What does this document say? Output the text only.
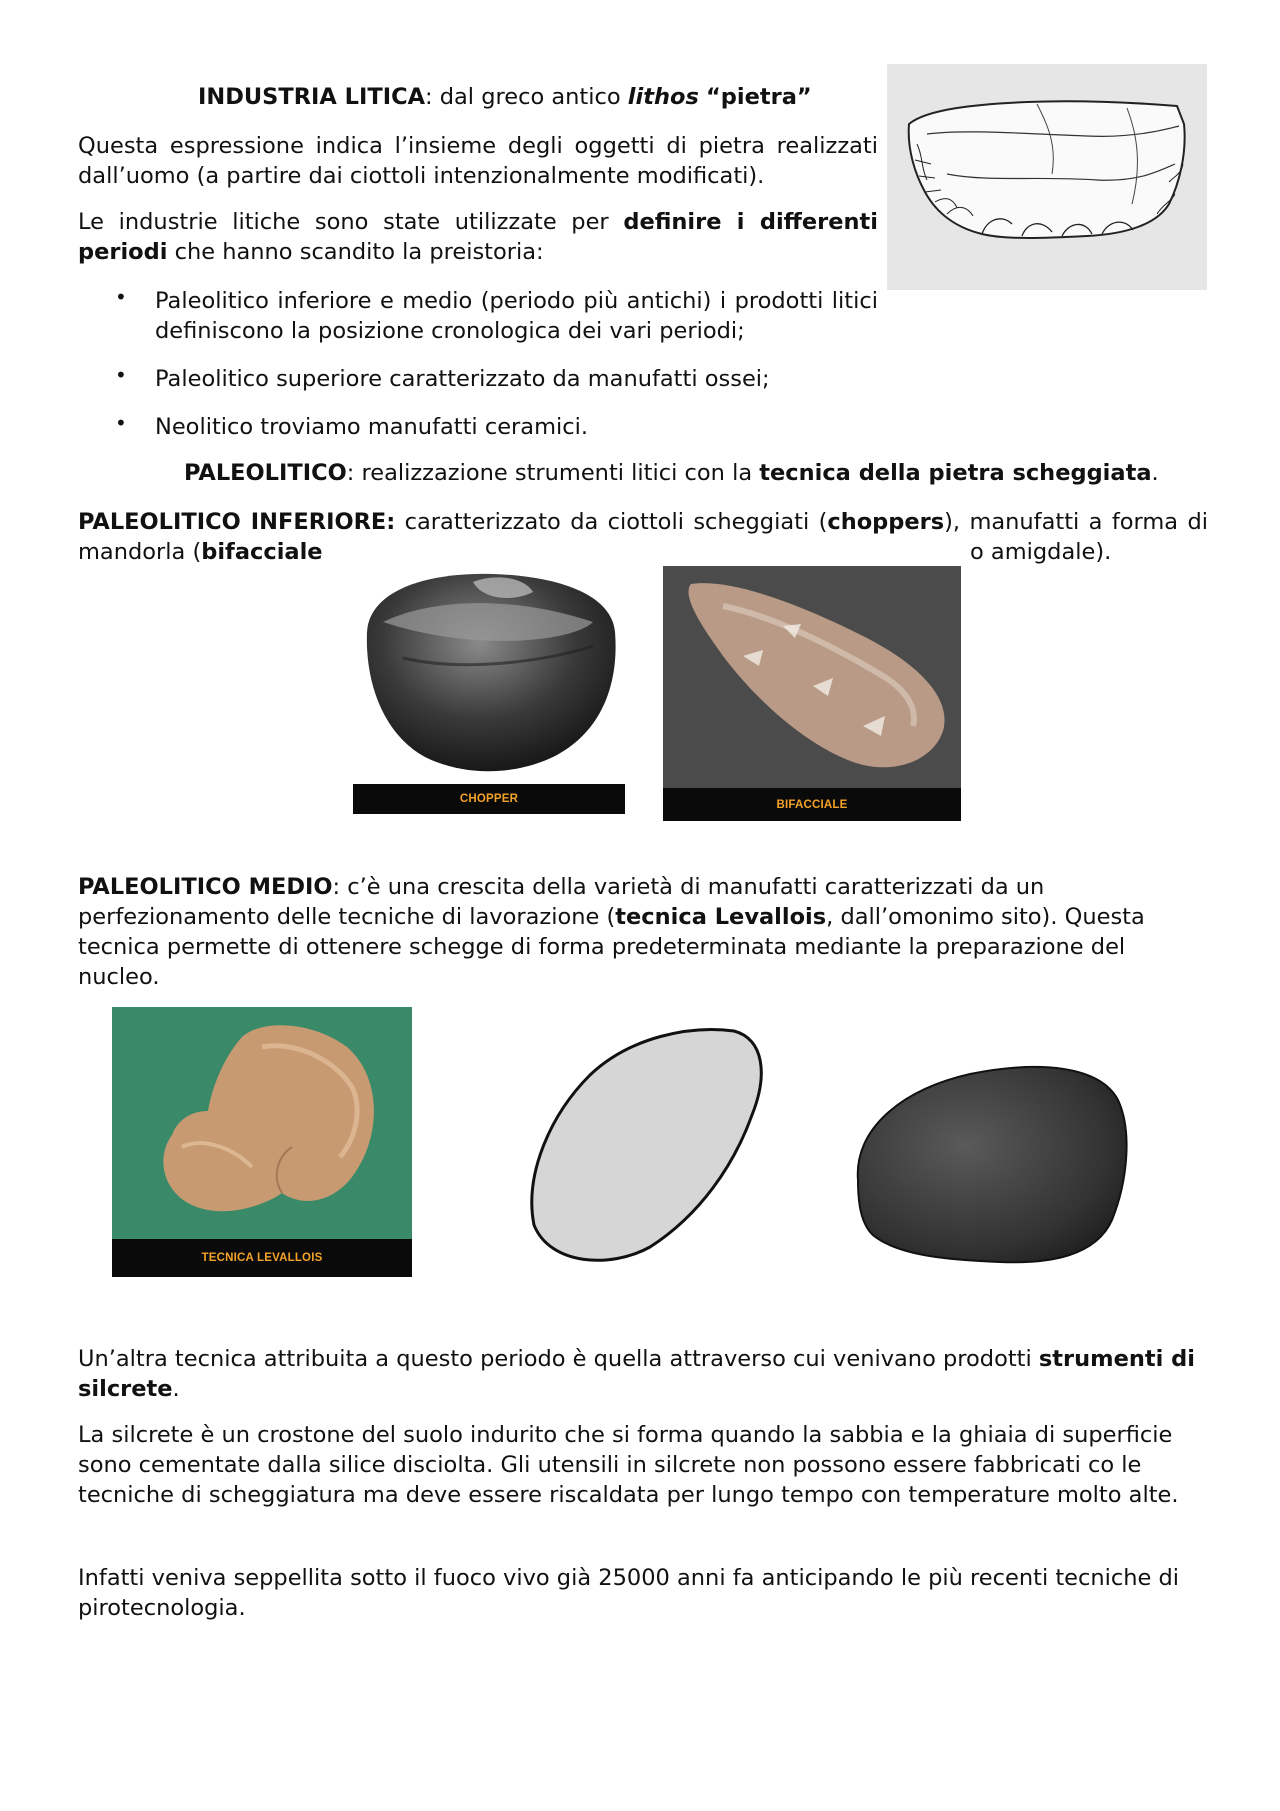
INDUSTRIA LITICA: dal greco antico lithos “pietra”
Questa espressione indica l’insieme degli oggetti di pietra realizzati dall’uomo (a partire dai ciottoli intenzionalmente modificati).
Le industrie litiche sono state utilizzate per definire i differenti periodi che hanno scandito la preistoria:
• Paleolitico inferiore e medio (periodo più antichi) i prodotti litici definiscono la posizione cronologica dei vari periodi;
• Paleolitico superiore caratterizzato da manufatti ossei;
• Neolitico troviamo manufatti ceramici.
PALEOLITICO: realizzazione strumenti litici con la tecnica della pietra scheggiata.
PALEOLITICO INFERIORE: caratterizzato da ciottoli scheggiati (choppers), manufatti a forma di
mandorla (bifacciale	o amigdale).
CHOPPER	BIFACCIALE
PALEOLITICO MEDIO: c’è una crescita della varietà di manufatti caratterizzati da un perfezionamento delle tecniche di lavorazione (tecnica Levallois, dall’omonimo sito). Questa tecnica permette di ottenere schegge di forma predeterminata mediante la preparazione del nucleo.
TECNICA LEVALLOIS
Un’altra tecnica attribuita a questo periodo è quella attraverso cui venivano prodotti strumenti di silcrete.
La silcrete è un crostone del suolo indurito che si forma quando la sabbia e la ghiaia di superficie sono cementate dalla silice disciolta. Gli utensili in silcrete non possono essere fabbricati co le tecniche di scheggiatura ma deve essere riscaldata per lungo tempo con temperature molto alte.
Infatti veniva seppellita sotto il fuoco vivo già 25000 anni fa anticipando le più recenti tecniche di pirotecnologia.
